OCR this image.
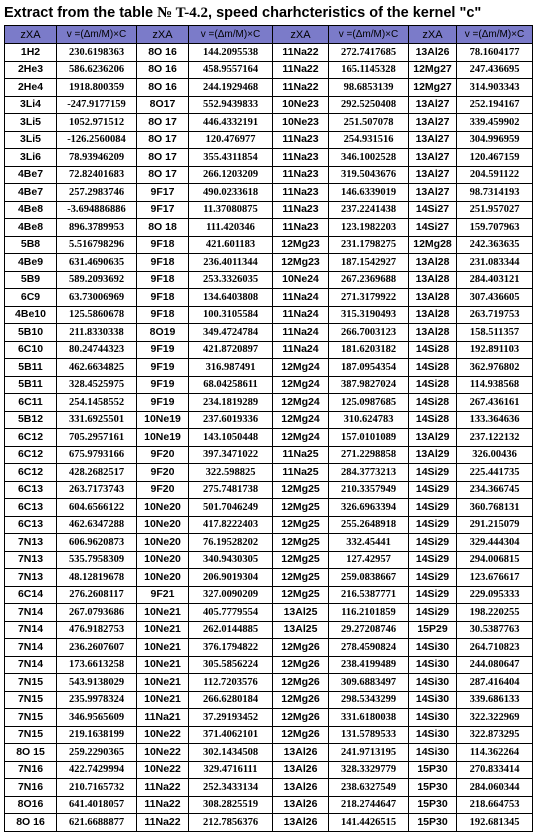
Extract from the table № T-4.2, speed charhcteristics of the kernel "c"
zXA	v =(Δm/M)×C	zXA	v =(Δm/M)×C	zXA	v =(Δm/M)×C	zXA	v =(Δm/M)×C
1H2	230.6198363	8O 16	144.2095538	11Na22	272.7417685	13Al26	78.1604177
2He3	586.6236206	8O 16	458.9557164	11Na22	165.1145328	12Mg27	247.436695
2He4	1918.800359	8O 16	244.1929468	11Na22	98.6853139	12Mg27	314.903343
3Li4	-247.9177159	8O17	552.9439833	10Ne23	292.5250408	13Al27	252.194167
3Li5	1052.971512	8O 17	446.4332191	10Ne23	251.507078	13Al27	339.459902
3Li5	-126.2560084	8O 17	120.476977	11Na23	254.931516	13Al27	304.996959
3Li6	78.93946209	8O 17	355.4311854	11Na23	346.1002528	13Al27	120.467159
4Be7	72.82401683	8O 17	266.1203209	11Na23	319.5043676	13Al27	204.591122
4Be7	257.2983746	9F17	490.0233618	11Na23	146.6339019	13Al27	98.7314193
4Be8	-3.694886886	9F17	11.37080875	11Na23	237.2241438	14Si27	251.957027
4Be8	896.3789953	8O 18	111.420346	11Na23	123.1982203	14Si27	159.707963
5B8	5.516798296	9F18	421.601183	12Mg23	231.1798275	12Mg28	242.363635
4Be9	631.4690635	9F18	236.4011344	12Mg23	187.1542927	13Al28	231.083344
5B9	589.2093692	9F18	253.3326035	10Ne24	267.2369688	13Al28	284.403121
6C9	63.73006969	9F18	134.6403808	11Na24	271.3179922	13Al28	307.436605
4Be10	125.5860678	9F18	100.3105584	11Na24	315.3190493	13Al28	263.719753
5B10	211.8330338	8O19	349.4724784	11Na24	266.7003123	13Al28	158.511357
6C10	80.24744323	9F19	421.8720897	11Na24	181.6203182	14Si28	192.891103
5B11	462.6634825	9F19	316.987491	12Mg24	187.0954354	14Si28	362.976802
5B11	328.4525975	9F19	68.04258611	12Mg24	387.9827024	14Si28	114.938568
6C11	254.1458552	9F19	234.1819289	12Mg24	125.0987685	14Si28	267.436161
5B12	331.6925501	10Ne19	237.6019336	12Mg24	310.624783	14Si28	133.364636
6C12	705.2957161	10Ne19	143.1050448	12Mg24	157.0101089	13Al29	237.122132
6C12	675.9793166	9F20	397.3471022	11Na25	271.2298858	13Al29	326.00436
6C12	428.2682517	9F20	322.598825	11Na25	284.3773213	14Si29	225.441735
6C13	263.7173743	9F20	275.7481738	12Mg25	210.3357949	14Si29	234.366745
6C13	604.6566122	10Ne20	501.7046249	12Mg25	326.6963394	14Si29	360.768131
6C13	462.6347288	10Ne20	417.8222403	12Mg25	255.2648918	14Si29	291.215079
7N13	606.9620873	10Ne20	76.19528202	12Mg25	332.45441	14Si29	329.444304
7N13	535.7958309	10Ne20	340.9430305	12Mg25	127.42957	14Si29	294.006815
7N13	48.12819678	10Ne20	206.9019304	12Mg25	259.0838667	14Si29	123.676617
6C14	276.2608117	9F21	327.0090209	12Mg25	216.5387771	14Si29	229.095333
7N14	267.0793686	10Ne21	405.7779554	13Al25	116.2101859	14Si29	198.220255
7N14	476.9182753	10Ne21	262.0144885	13Al25	29.27208746	15P29	30.5387763
7N14	236.2607607	10Ne21	376.1794822	12Mg26	278.4590824	14Si30	264.710823
7N14	173.6613258	10Ne21	305.5856224	12Mg26	238.4199489	14Si30	244.080647
7N15	543.9138029	10Ne21	112.7203576	12Mg26	309.6883497	14Si30	287.416404
7N15	235.9978324	10Ne21	266.6280184	12Mg26	298.5343299	14Si30	339.686133
7N15	346.9565609	11Na21	37.29193452	12Mg26	331.6180038	14Si30	322.322969
7N15	219.1638199	10Ne22	371.4062101	12Mg26	131.5789533	14Si30	322.873295
8O 15	259.2290365	10Ne22	302.1434508	13Al26	241.9713195	14Si30	114.362264
7N16	422.7429994	10Ne22	329.4716111	13Al26	328.3329779	15P30	270.833414
7N16	210.7165732	11Na22	252.3433134	13Al26	238.6327549	15P30	284.060344
8O16	641.4018057	11Na22	308.2825519	13Al26	218.2744647	15P30	218.664753
8O 16	621.6688877	11Na22	212.7856376	13Al26	141.4426515	15P30	192.681345
